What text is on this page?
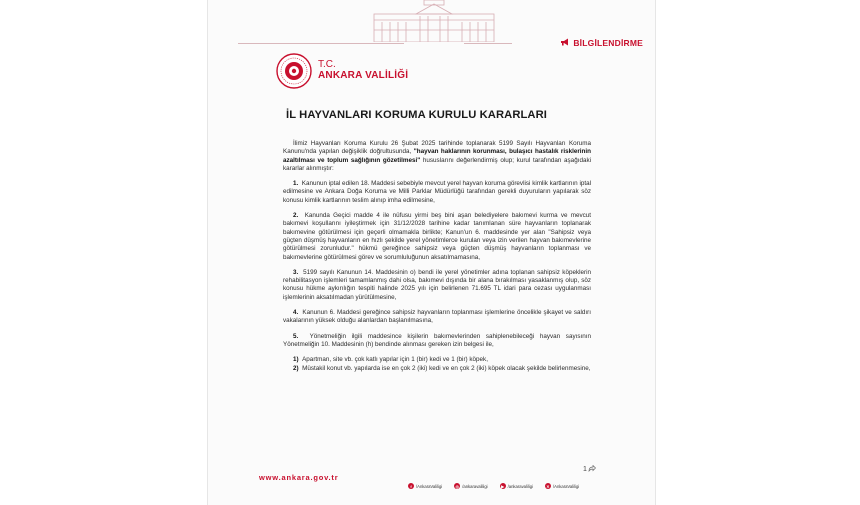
BİLGİLENDİRME
T.C.
ANKARA VALİLİĞİ
İL HAYVANLARI KORUMA KURULU KARARLARI

İlimiz Hayvanları Koruma Kurulu 26 Şubat 2025 tarihinde toplanarak 5199 Sayılı Hayvanları Koruma Kanunu'nda yapılan değişiklik doğrultusunda, "hayvan haklarının korunması, bulaşıcı hastalık risklerinin azaltılması ve toplum sağlığının gözetilmesi" hususlarını değerlendirmiş olup; kurul tarafından aşağıdaki kararlar alınmıştır:

1. Kanunun iptal edilen 18. Maddesi sebebiyle mevcut yerel hayvan koruma görevlisi kimlik kartlarının iptal edilmesine ve Ankara Doğa Koruma ve Milli Parklar Müdürlüğü tarafından gerekli duyuruların yapılarak söz konusu kimlik kartlarının teslim alınıp imha edilmesine,

2. Kanunda Geçici madde 4 ile nüfusu yirmi beş bini aşan belediyelere bakımevi kurma ve mevcut bakımevi koşullarını iyileştirmek için 31/12/2028 tarihine kadar tanımlanan süre hayvanların toplanarak bakımevine götürülmesi için geçerli olmamakla birlikte; Kanun'un 6. maddesinde yer alan "Sahipsiz veya güçten düşmüş hayvanların en hızlı şekilde yerel yönetimlerce kurulan veya izin verilen hayvan bakımevlerine götürülmesi zorunludur." hükmü gereğince sahipsiz veya güçten düşmüş hayvanların toplanması ve bakımevlerine götürülmesi görev ve sorumluluğunun aksatılmamasına,

3. 5199 sayılı Kanunun 14. Maddesinin o) bendi ile yerel yönetimler adına toplanan sahipsiz köpeklerin rehabilitasyon işlemleri tamamlanmış dahi olsa, bakımevi dışında bir alana bırakılması yasaklanmış olup, söz konusu hükme aykırılığın tespiti halinde 2025 yılı için belirlenen 71.695 TL idari para cezası uygulanması işlemlerinin aksatılmadan yürütülmesine,

4. Kanunun 6. Maddesi gereğince sahipsiz hayvanların toplanması işlemlerine öncelikle şikayet ve saldırı vakalarının yüksek olduğu alanlardan başlanılmasına,

5. Yönetmeliğin ilgili maddesince kişilerin bakımevlerinden sahiplenebileceği hayvan sayısının Yönetmeliğin 10. Maddesinin (h) bendinde alınması gereken izin belgesi ile,

1) Apartman, site vb. çok katlı yapılar için 1 (bir) kedi ve 1 (bir) köpek,

2) Müstakil konut vb. yapılarda ise en çok 2 (iki) kedi ve en çok 2 (iki) köpek olacak şekilde belirlenmesine,

1
www.ankara.gov.tr
f	/AnkaraValiligi	◎ /ankaravaliligi	▶ /ankaravaliligi	✕ /AnkaraValiligi
